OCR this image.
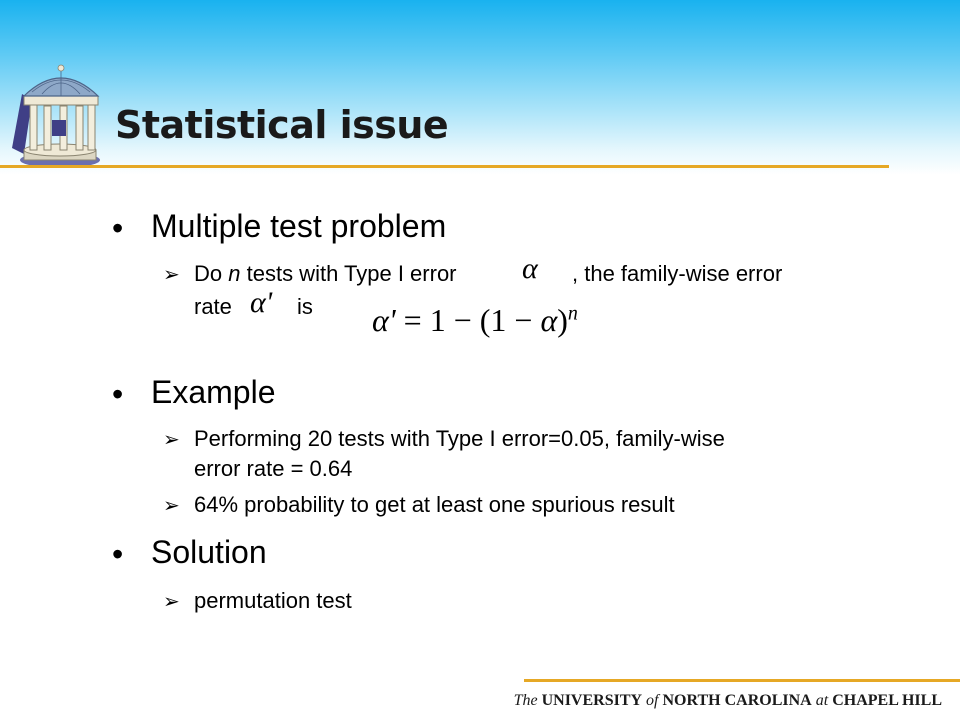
Statistical issue
• Multiple test problem
➢ Do n tests with Type I error α , the family-wise error
rate α' is $\alpha' = 1 - (1 - \alpha)^n$
• Example
➢ Performing 20 tests with Type I error=0.05, family-wise
error rate = 0.64
➢ 64% probability to get at least one spurious result
• Solution
➢ permutation test
The UNIVERSITY of NORTH CAROLINA at CHAPEL HILL
